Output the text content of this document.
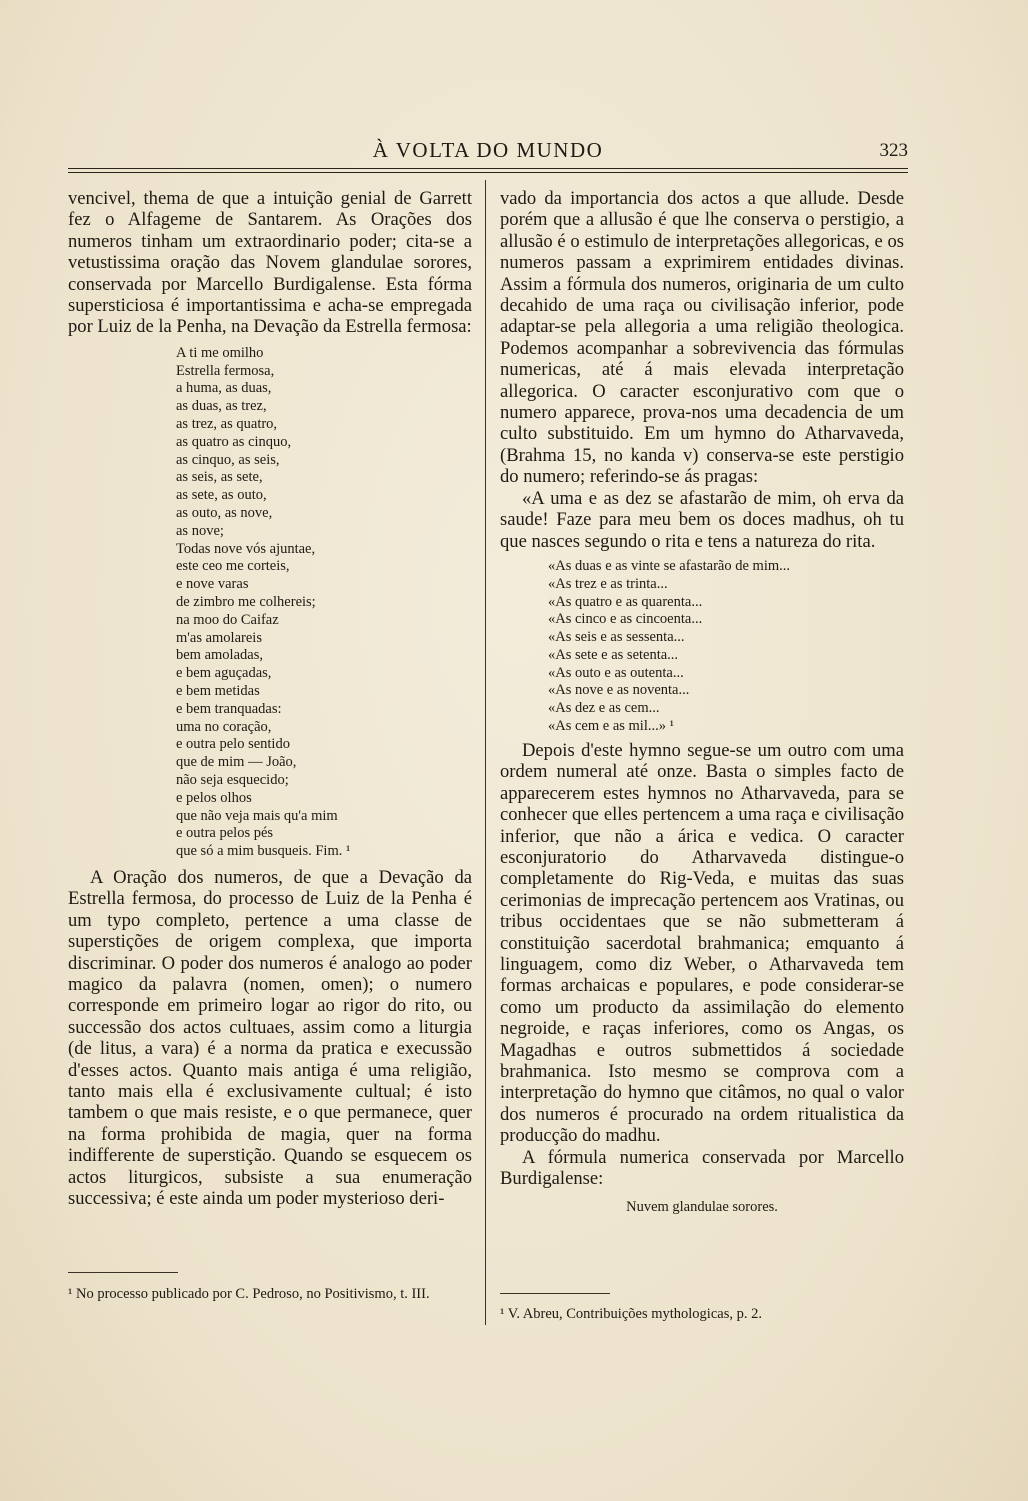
À VOLTA DO MUNDO	323

vencivel, thema de que a intuição genial de Garrett fez o Alfageme de Santarem. As Orações dos numeros tinham um extraordinario poder; cita-se a vetustissima oração das Novem glandulae sorores, conservada por Marcello Burdigalense. Esta fórma supersticiosa é importantissima e acha-se empregada por Luiz de la Penha, na Devação da Estrella fermosa:

A ti me omilho
Estrella fermosa,
a huma, as duas,
as duas, as trez,
as trez, as quatro,
as quatro as cinquo,
as cinquo, as seis,
as seis, as sete,
as sete, as outo,
as outo, as nove,
as nove;
Todas nove vós ajuntae,
este ceo me corteis,
e nove varas
de zimbro me colhereis;
na moo do Caifaz
m'as amolareis
bem amoladas,
e bem aguçadas,
e bem metidas
e bem tranquadas:
uma no coração,
e outra pelo sentido
que de mim — João,
não seja esquecido;
e pelos olhos
que não veja mais qu'a mim
e outra pelos pés
que só a mim busqueis. Fim. ¹

A Oração dos numeros, de que a Devação da Estrella fermosa, do processo de Luiz de la Penha é um typo completo, pertence a uma classe de superstições de origem complexa, que importa discriminar. O poder dos numeros é analogo ao poder magico da palavra (nomen, omen); o numero corresponde em primeiro logar ao rigor do rito, ou successão dos actos cultuaes, assim como a liturgia (de litus, a vara) é a norma da pratica e execussão d'esses actos. Quanto mais antiga é uma religião, tanto mais ella é exclusivamente cultual; é isto tambem o que mais resiste, e o que permanece, quer na forma prohibida de magia, quer na forma indifferente de superstição. Quando se esquecem os actos liturgicos, subsiste a sua enumeração successiva; é este ainda um poder mysterioso deri-

¹ No processo publicado por C. Pedroso, no Positivismo, t. III.

vado da importancia dos actos a que allude. Desde porém que a allusão é que lhe conserva o perstigio, a allusão é o estimulo de interpretações allegoricas, e os numeros passam a exprimirem entidades divinas. Assim a fórmula dos numeros, originaria de um culto decahido de uma raça ou civilisação inferior, pode adaptar-se pela allegoria a uma religião theologica. Podemos acompanhar a sobrevivencia das fórmulas numericas, até á mais elevada interpretação allegorica. O caracter esconjurativo com que o numero apparece, prova-nos uma decadencia de um culto substituido. Em um hymno do Atharvaveda, (Brahma 15, no kanda v) conserva-se este perstigio do numero; referindo-se ás pragas:

«A uma e as dez se afastarão de mim, oh erva da saude! Faze para meu bem os doces madhus, oh tu que nasces segundo o rita e tens a natureza do rita.

«As duas e as vinte se afastarão de mim...
«As trez e as trinta...
«As quatro e as quarenta...
«As cinco e as cincoenta...
«As seis e as sessenta...
«As sete e as setenta...
«As outo e as outenta...
«As nove e as noventa...
«As dez e as cem...
«As cem e as mil...» ¹

Depois d'este hymno segue-se um outro com uma ordem numeral até onze. Basta o simples facto de apparecerem estes hymnos no Atharvaveda, para se conhecer que elles pertencem a uma raça e civilisação inferior, que não a árica e vedica. O caracter esconjuratorio do Atharvaveda distingue-o completamente do Rig-Veda, e muitas das suas cerimonias de imprecação pertencem aos Vratinas, ou tribus occidentaes que se não submetteram á constituição sacerdotal brahmanica; emquanto á linguagem, como diz Weber, o Atharvaveda tem formas archaicas e populares, e pode considerar-se como um producto da assimilação do elemento negroide, e raças inferiores, como os Angas, os Magadhas e outros submettidos á sociedade brahmanica. Isto mesmo se comprova com a interpretação do hymno que citâmos, no qual o valor dos numeros é procurado na ordem ritualistica da producção do madhu.

A fórmula numerica conservada por Marcello Burdigalense:

Nuvem glandulae sorores.
¹ V. Abreu, Contribuições mythologicas, p. 2.
